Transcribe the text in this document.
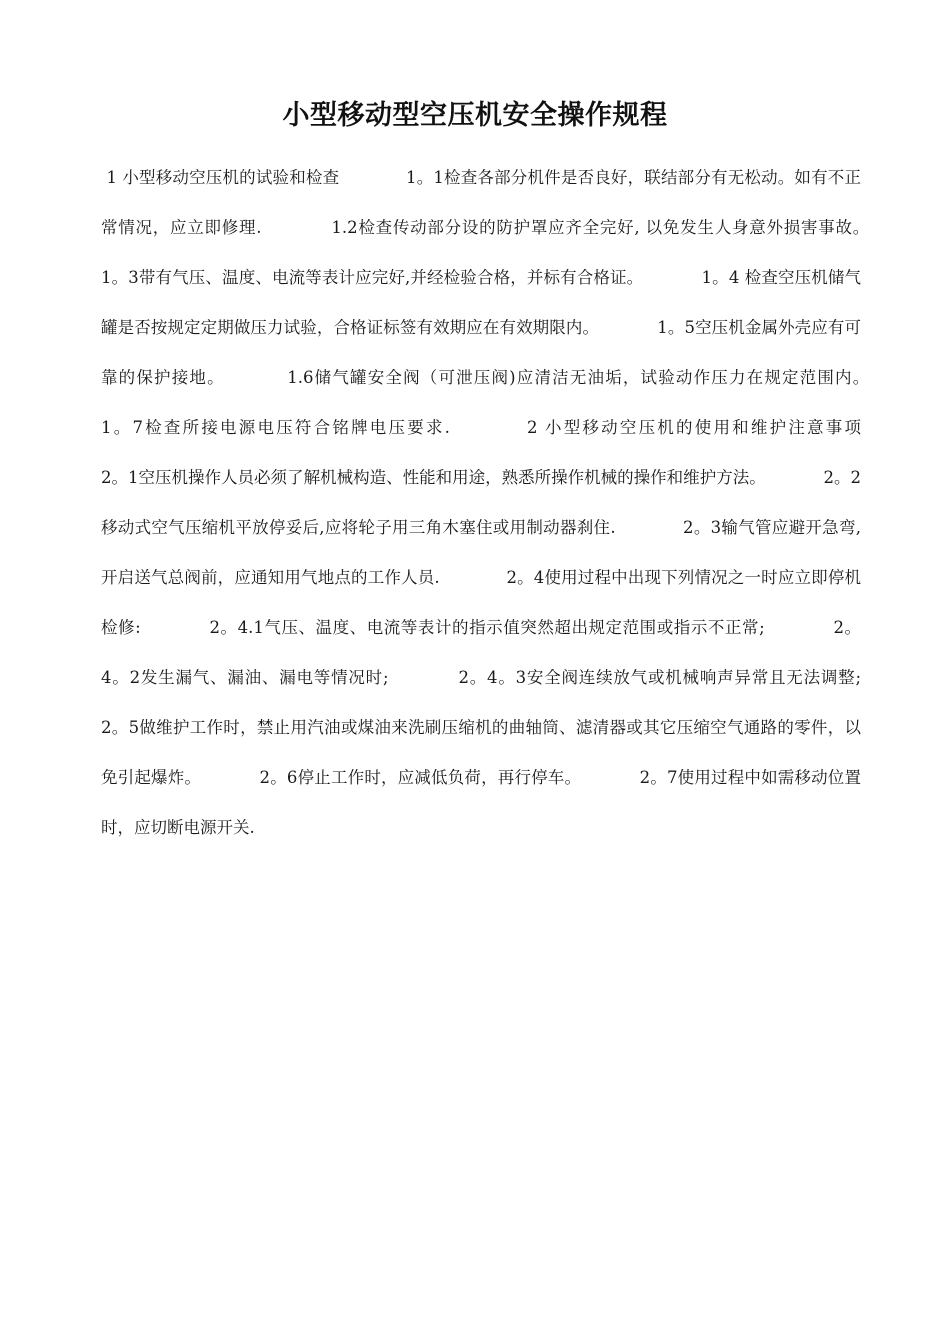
小型移动型空压机安全操作规程

1 小型移动空压机的试验和检查　　　　1。1检查各部分机件是否良好，联结部分有无松动。如有不正常情况，应立即修理.　　　　1.2检查传动部分设的防护罩应齐全完好, 以免发生人身意外损害事故。　　　　1。3带有气压、温度、电流等表计应完好,并经检验合格，并标有合格证。　　　　1。4 检查空压机储气罐是否按规定定期做压力试验，合格证标签有效期应在有效期限内。　　　　1。5空压机金属外壳应有可靠的保护接地。　　　　1.6储气罐安全阀（可泄压阀)应清洁无油垢，试验动作压力在规定范围内。　　　　1。7检查所接电源电压符合铭牌电压要求.　　　　2 小型移动空压机的使用和维护注意事项　　　　2。1空压机操作人员必须了解机械构造、性能和用途，熟悉所操作机械的操作和维护方法。　　　　2。2移动式空气压缩机平放停妥后,应将轮子用三角木塞住或用制动器刹住.　　　　2。3输气管应避开急弯,开启送气总阀前，应通知用气地点的工作人员.　　　　2。4使用过程中出现下列情况之一时应立即停机检修:　　　　2。4.1气压、温度、电流等表计的指示值突然超出规定范围或指示不正常;　　　　2。4。2发生漏气、漏油、漏电等情况时;　　　　2。4。3安全阀连续放气或机械响声异常且无法调整;　　　　2。5做维护工作时，禁止用汽油或煤油来洗刷压缩机的曲轴筒、滤清器或其它压缩空气通路的零件，以免引起爆炸。　　　　2。6停止工作时，应减低负荷，再行停车。　　　　2。7使用过程中如需移动位置时，应切断电源开关.
